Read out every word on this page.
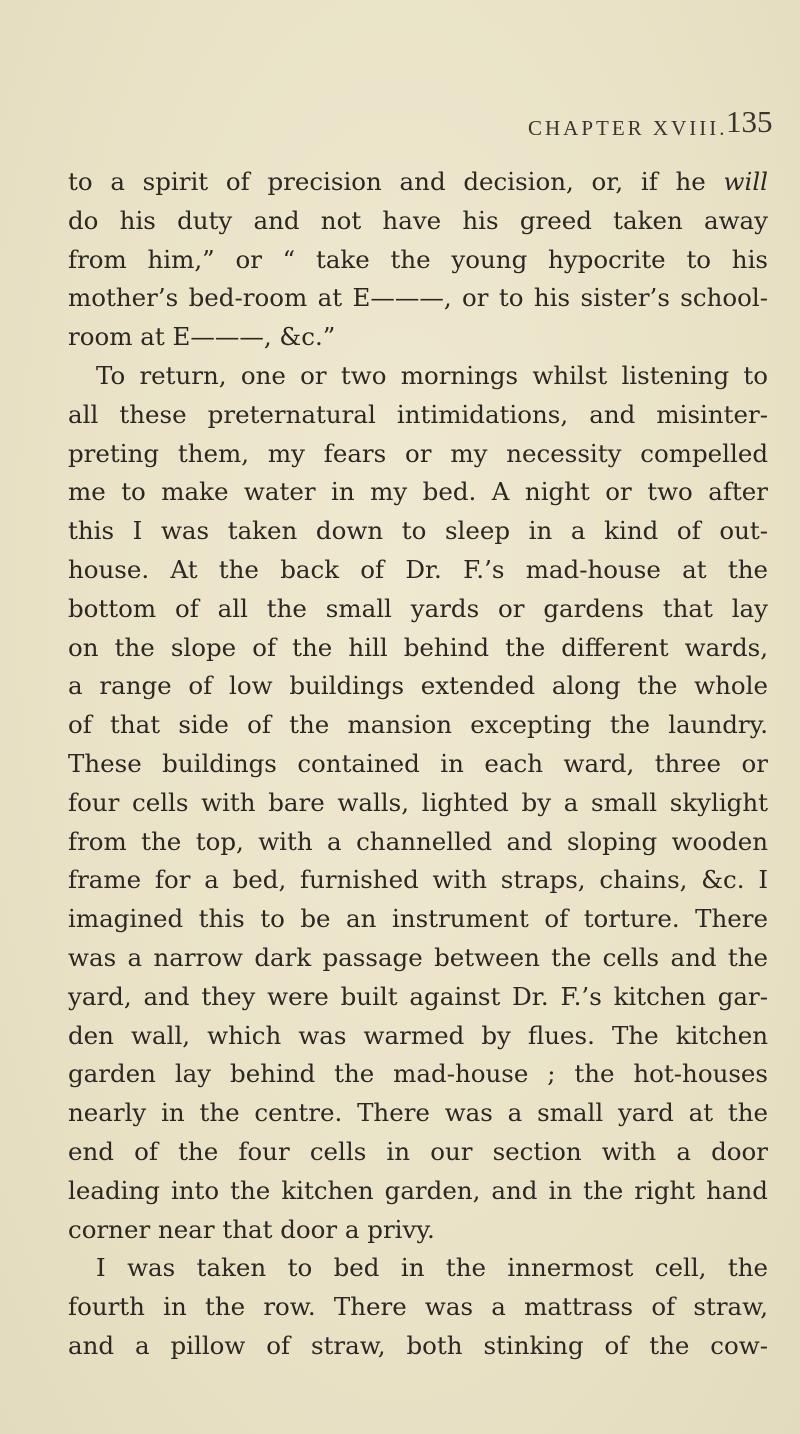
CHAPTER XVIII.
135
to a spirit of precision and decision, or, if he will
do his duty and not have his greed taken away
from him,” or “ take the young hypocrite to his
mother’s bed-room at E———, or to his sister’s school-
room at E———, &c.”
To return, one or two mornings whilst listening to
all these preternatural intimidations, and misinter-
preting them, my fears or my necessity compelled
me to make water in my bed. A night or two after
this I was taken down to sleep in a kind of out-
house. At the back of Dr. F.’s mad-house at the
bottom of all the small yards or gardens that lay
on the slope of the hill behind the different wards,
a range of low buildings extended along the whole
of that side of the mansion excepting the laundry.
These buildings contained in each ward, three or
four cells with bare walls, lighted by a small skylight
from the top, with a channelled and sloping wooden
frame for a bed, furnished with straps, chains, &c. I
imagined this to be an instrument of torture. There
was a narrow dark passage between the cells and the
yard, and they were built against Dr. F.’s kitchen gar-
den wall, which was warmed by flues. The kitchen
garden lay behind the mad-house ; the hot-houses
nearly in the centre. There was a small yard at the
end of the four cells in our section with a door
leading into the kitchen garden, and in the right hand
corner near that door a privy.
I was taken to bed in the innermost cell, the
fourth in the row. There was a mattrass of straw,
and a pillow of straw, both stinking of the cow-
